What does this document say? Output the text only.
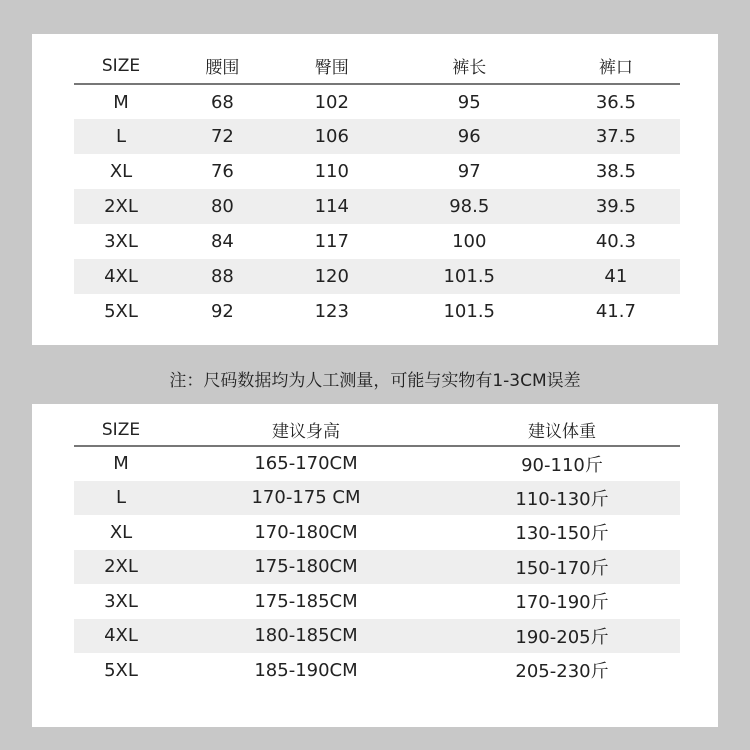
SIZE	腰围	臀围	裤长	裤口
M	68	102	95	36.5
L	72	106	96	37.5
XL	76	110	97	38.5
2XL	80	114	98.5	39.5
3XL	84	117	100	40.3
4XL	88	120	101.5	41
5XL	92	123	101.5	41.7
注：尺码数据均为人工测量，可能与实物有1-3CM误差
SIZE	建议身高	建议体重
M	165-170CM	90-110斤
L	170-175 CM	110-130斤
XL	170-180CM	130-150斤
2XL	175-180CM	150-170斤
3XL	175-185CM	170-190斤
4XL	180-185CM	190-205斤
5XL	185-190CM	205-230斤
